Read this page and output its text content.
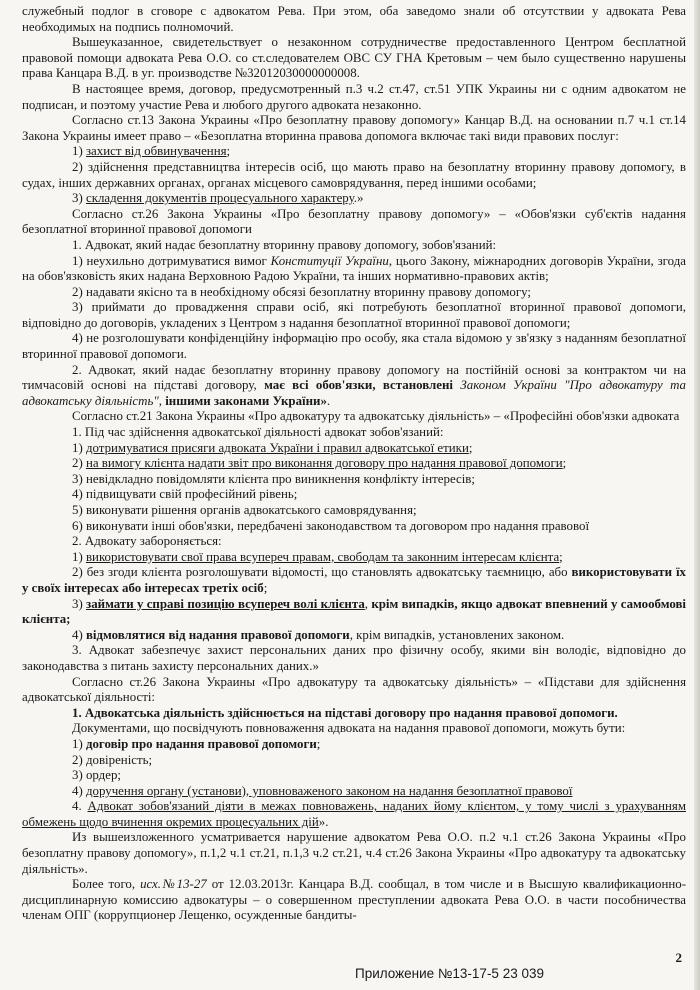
служебный подлог в сговоре с адвокатом Рева. При этом, оба заведомо знали об отсутствии у адвоката Рева необходимых на подпись полномочий.

Вышеуказанное, свидетельствует о незаконном сотрудничестве предоставленного Центром бесплатной правовой помощи адвоката Рева О.О. со ст.следователем ОВС СУ ГНА Кретовым – чем было существенно нарушены права Канцара В.Д. в уг. производстве №32012030000000008.

В настоящее время, договор, предусмотренный п.3 ч.2 ст.47, ст.51 УПК Украины ни с одним адвокатом не подписан, и поэтому участие Рева и любого другого адвоката незаконно.

Согласно ст.13 Закона Украины «Про безоплатну правову допомогу» Канцар В.Д. на основании п.7 ч.1 ст.14 Закона Украины имеет право – «Безоплатна вторинна правова допомога включає такі види правових послуг:

1) захист від обвинувачення;

2) здійснення представництва інтересів осіб, що мають право на безоплатну вторинну правову допомогу, в судах, інших державних органах, органах місцевого самоврядування, перед іншими особами;

3) складення документів процесуального характеру.»

Согласно ст.26 Закона Украины «Про безоплатну правову допомогу» – «Обов'язки суб'єктів надання безоплатної вторинної правової допомоги

1. Адвокат, який надає безоплатну вторинну правову допомогу, зобов'язаний:

1) неухильно дотримуватися вимог Конституції України, цього Закону, міжнародних договорів України, згода на обов'язковість яких надана Верховною Радою України, та інших нормативно-правових актів;

2) надавати якісно та в необхідному обсязі безоплатну вторинну правову допомогу;

3) приймати до провадження справи осіб, які потребують безоплатної вторинної правової допомоги, відповідно до договорів, укладених з Центром з надання безоплатної вторинної правової допомоги;

4) не розголошувати конфіденційну інформацію про особу, яка стала відомою у зв'язку з наданням безоплатної вторинної правової допомоги.

2. Адвокат, який надає безоплатну вторинну правову допомогу на постійній основі за контрактом чи на тимчасовій основі на підставі договору, має всі обов'язки, встановлені Законом України "Про адвокатуру та адвокатську діяльність", іншими законами України».

Согласно ст.21 Закона Украины «Про адвокатуру та адвокатську діяльність» – «Професійні обов'язки адвоката

1. Під час здійснення адвокатської діяльності адвокат зобов'язаний:

1) дотримуватися присяги адвоката України і правил адвокатської етики;

2) на вимогу клієнта надати звіт про виконання договору про надання правової допомоги;

3) невідкладно повідомляти клієнта про виникнення конфлікту інтересів;

4) підвищувати свій професійний рівень;

5) виконувати рішення органів адвокатського самоврядування;

6) виконувати інші обов'язки, передбачені законодавством та договором про надання правової

2. Адвокату забороняється:

1) використовувати свої права всупереч правам, свободам та законним інтересам клієнта;

2) без згоди клієнта розголошувати відомості, що становлять адвокатську таємницю, або використовувати їх у своїх інтересах або інтересах третіх осіб;

3) займати у справі позицію всупереч волі клієнта, крім випадків, якщо адвокат впевнений у самообмові клієнта;

4) відмовлятися від надання правової допомоги, крім випадків, установлених законом.

3. Адвокат забезпечує захист персональних даних про фізичну особу, якими він володіє, відповідно до законодавства з питань захисту персональних даних.»

Согласно ст.26 Закона Украины «Про адвокатуру та адвокатську діяльність» – «Підстави для здійснення адвокатської діяльності:

1. Адвокатська діяльність здійснюється на підставі договору про надання правової допомоги.

Документами, що посвідчують повноваження адвоката на надання правової допомоги, можуть бути:

1) договір про надання правової допомоги;

2) довіреність;

3) ордер;

4) доручення органу (установи), уповноваженого законом на надання безоплатної правової

4. Адвокат зобов'язаний діяти в межах повноважень, наданих йому клієнтом, у тому числі з урахуванням обмежень щодо вчинення окремих процесуальних дій».

Из вышеизложенного усматривается нарушение адвокатом Рева О.О. п.2 ч.1 ст.26 Закона Украины «Про безоплатну правову допомогу», п.1,2 ч.1 ст.21, п.1,3 ч.2 ст.21, ч.4 ст.26 Закона Украины «Про адвокатуру та адвокатську діяльність».

Более того, исх.№13-27 от 12.03.2013г. Канцара В.Д. сообщал, в том числе и в Высшую квалификационно-дисциплинарную комиссию адвокатуры – о совершенном преступлении адвоката Рева О.О. в части пособничества членам ОПГ (коррупционер Лещенко, осужденные бандиты-

2
Приложение №13-17-5 23 039
